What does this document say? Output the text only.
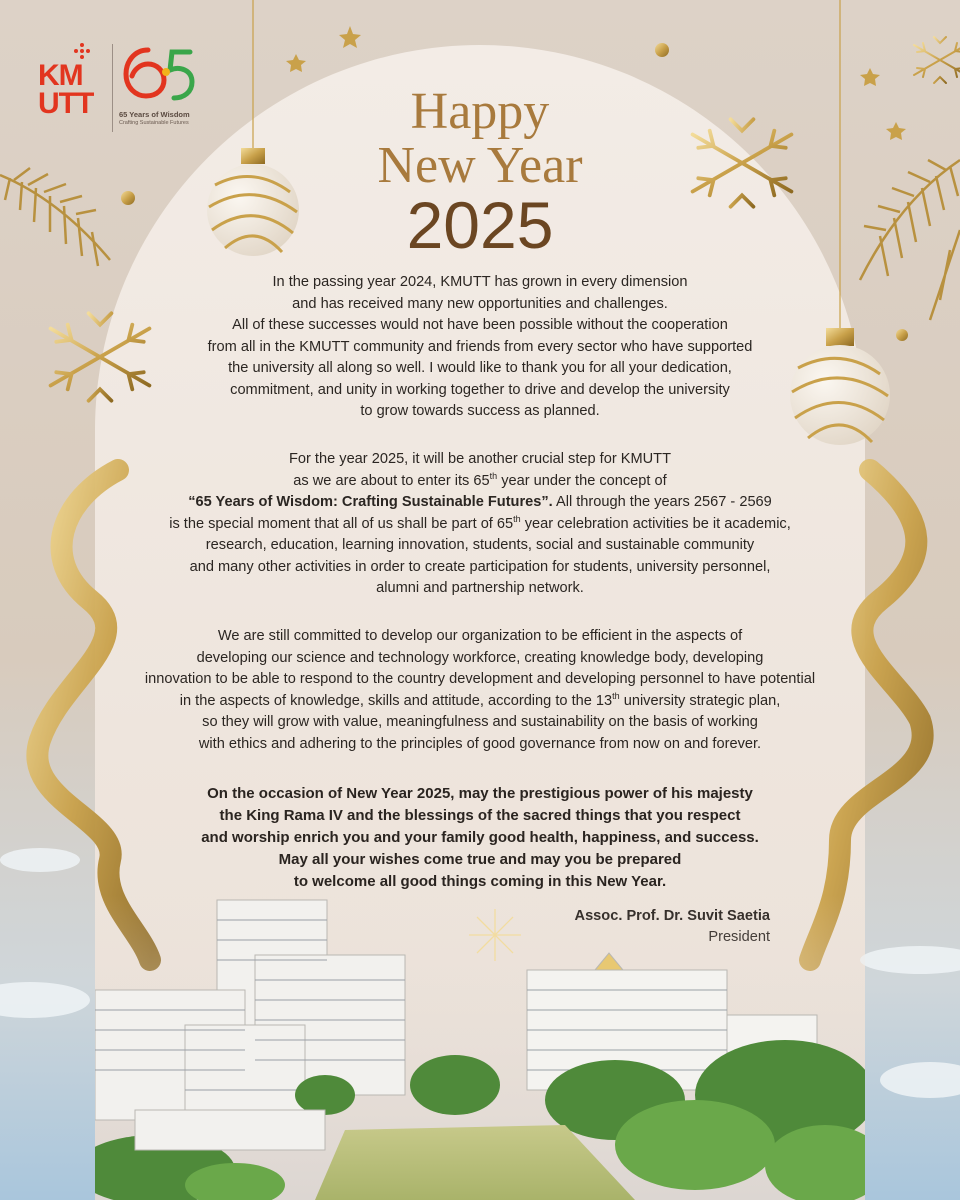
KM
UTT	65 Years of Wisdom
Crafting Sustainable Futures	Happy
New Year
2025

In the passing year 2024, KMUTT has grown in every dimension

and has received many new opportunities and challenges.

All of these successes would not have been possible without the cooperation

from all in the KMUTT community and friends from every sector who have supported

the university all along so well. I would like to thank you for all your dedication,

commitment, and unity in working together to drive and develop the university

to grow towards success as planned.

For the year 2025, it will be another crucial step for KMUTT

as we are about to enter its 65th year under the concept of

“65 Years of Wisdom: Crafting Sustainable Futures”. All through the years 2567 - 2569

is the special moment that all of us shall be part of 65th year celebration activities be it academic,

research, education, learning innovation, students, social and sustainable community

and many other activities in order to create participation for students, university personnel,

alumni and partnership network.

We are still committed to develop our organization to be efficient in the aspects of

developing our science and technology workforce, creating knowledge body, developing

innovation to be able to respond to the country development and developing personnel to have potential

in the aspects of knowledge, skills and attitude, according to the 13th university strategic plan,

so they will grow with value, meaningfulness and sustainability on the basis of working

with ethics and adhering to the principles of good governance from now on and forever.

On the occasion of New Year 2025, may the prestigious power of his majesty

the King Rama IV and the blessings of the sacred things that you respect

and worship enrich you and your family good health, happiness, and success.

May all your wishes come true and may you be prepared

to welcome all good things coming in this New Year.
